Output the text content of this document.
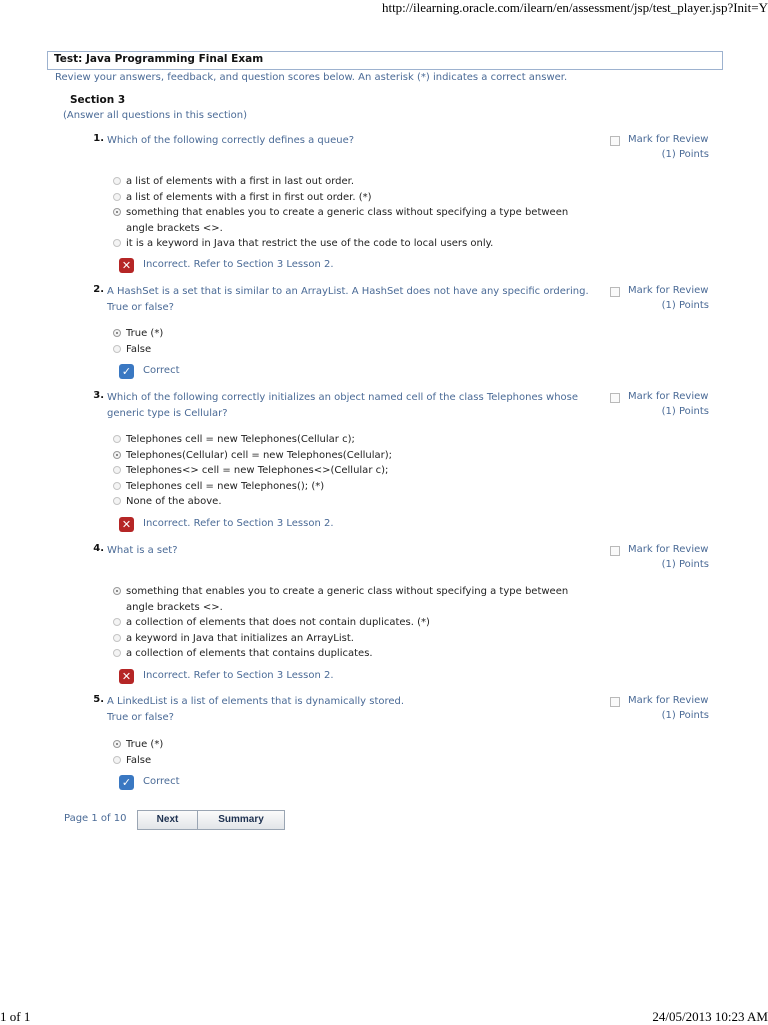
http://ilearning.oracle.com/ilearn/en/assessment/jsp/test_player.jsp?Init=Y
Test: Java Programming Final Exam
Review your answers, feedback, and question scores below. An asterisk (*) indicates a correct answer.
Section 3
(Answer all questions in this section)
1. Which of the following correctly defines a queue?	Mark for Review
(1) Points
a list of elements with a first in last out order.
a list of elements with a first in first out order. (*)
something that enables you to create a generic class without specifying a type between angle brackets <>.
it is a keyword in Java that restrict the use of the code to local users only.
✕ Incorrect. Refer to Section 3 Lesson 2.
2. A HashSet is a set that is similar to an ArrayList. A HashSet does not have any specific ordering. True or false?
Mark for Review
(1) Points
True (*)
False
✓ Correct
3. Which of the following correctly initializes an object named cell of the class Telephones whose generic type is Cellular?
Mark for Review
(1) Points
Telephones cell = new Telephones(Cellular c);
Telephones(Cellular) cell = new Telephones(Cellular);
Telephones<> cell = new Telephones<>(Cellular c);
Telephones cell = new Telephones(); (*)
None of the above.
✕ Incorrect. Refer to Section 3 Lesson 2.
4. What is a set?	Mark for Review
(1) Points
something that enables you to create a generic class without specifying a type between angle brackets <>.
a collection of elements that does not contain duplicates. (*)
a keyword in Java that initializes an ArrayList.
a collection of elements that contains duplicates.
✕ Incorrect. Refer to Section 3 Lesson 2.
5. A LinkedList is a list of elements that is dynamically stored.
True or false?
Mark for Review
(1) Points
True (*)
False
✓ Correct
Page 1 of 10	Next	Summary
1 of 1	24/05/2013 10:23 AM
